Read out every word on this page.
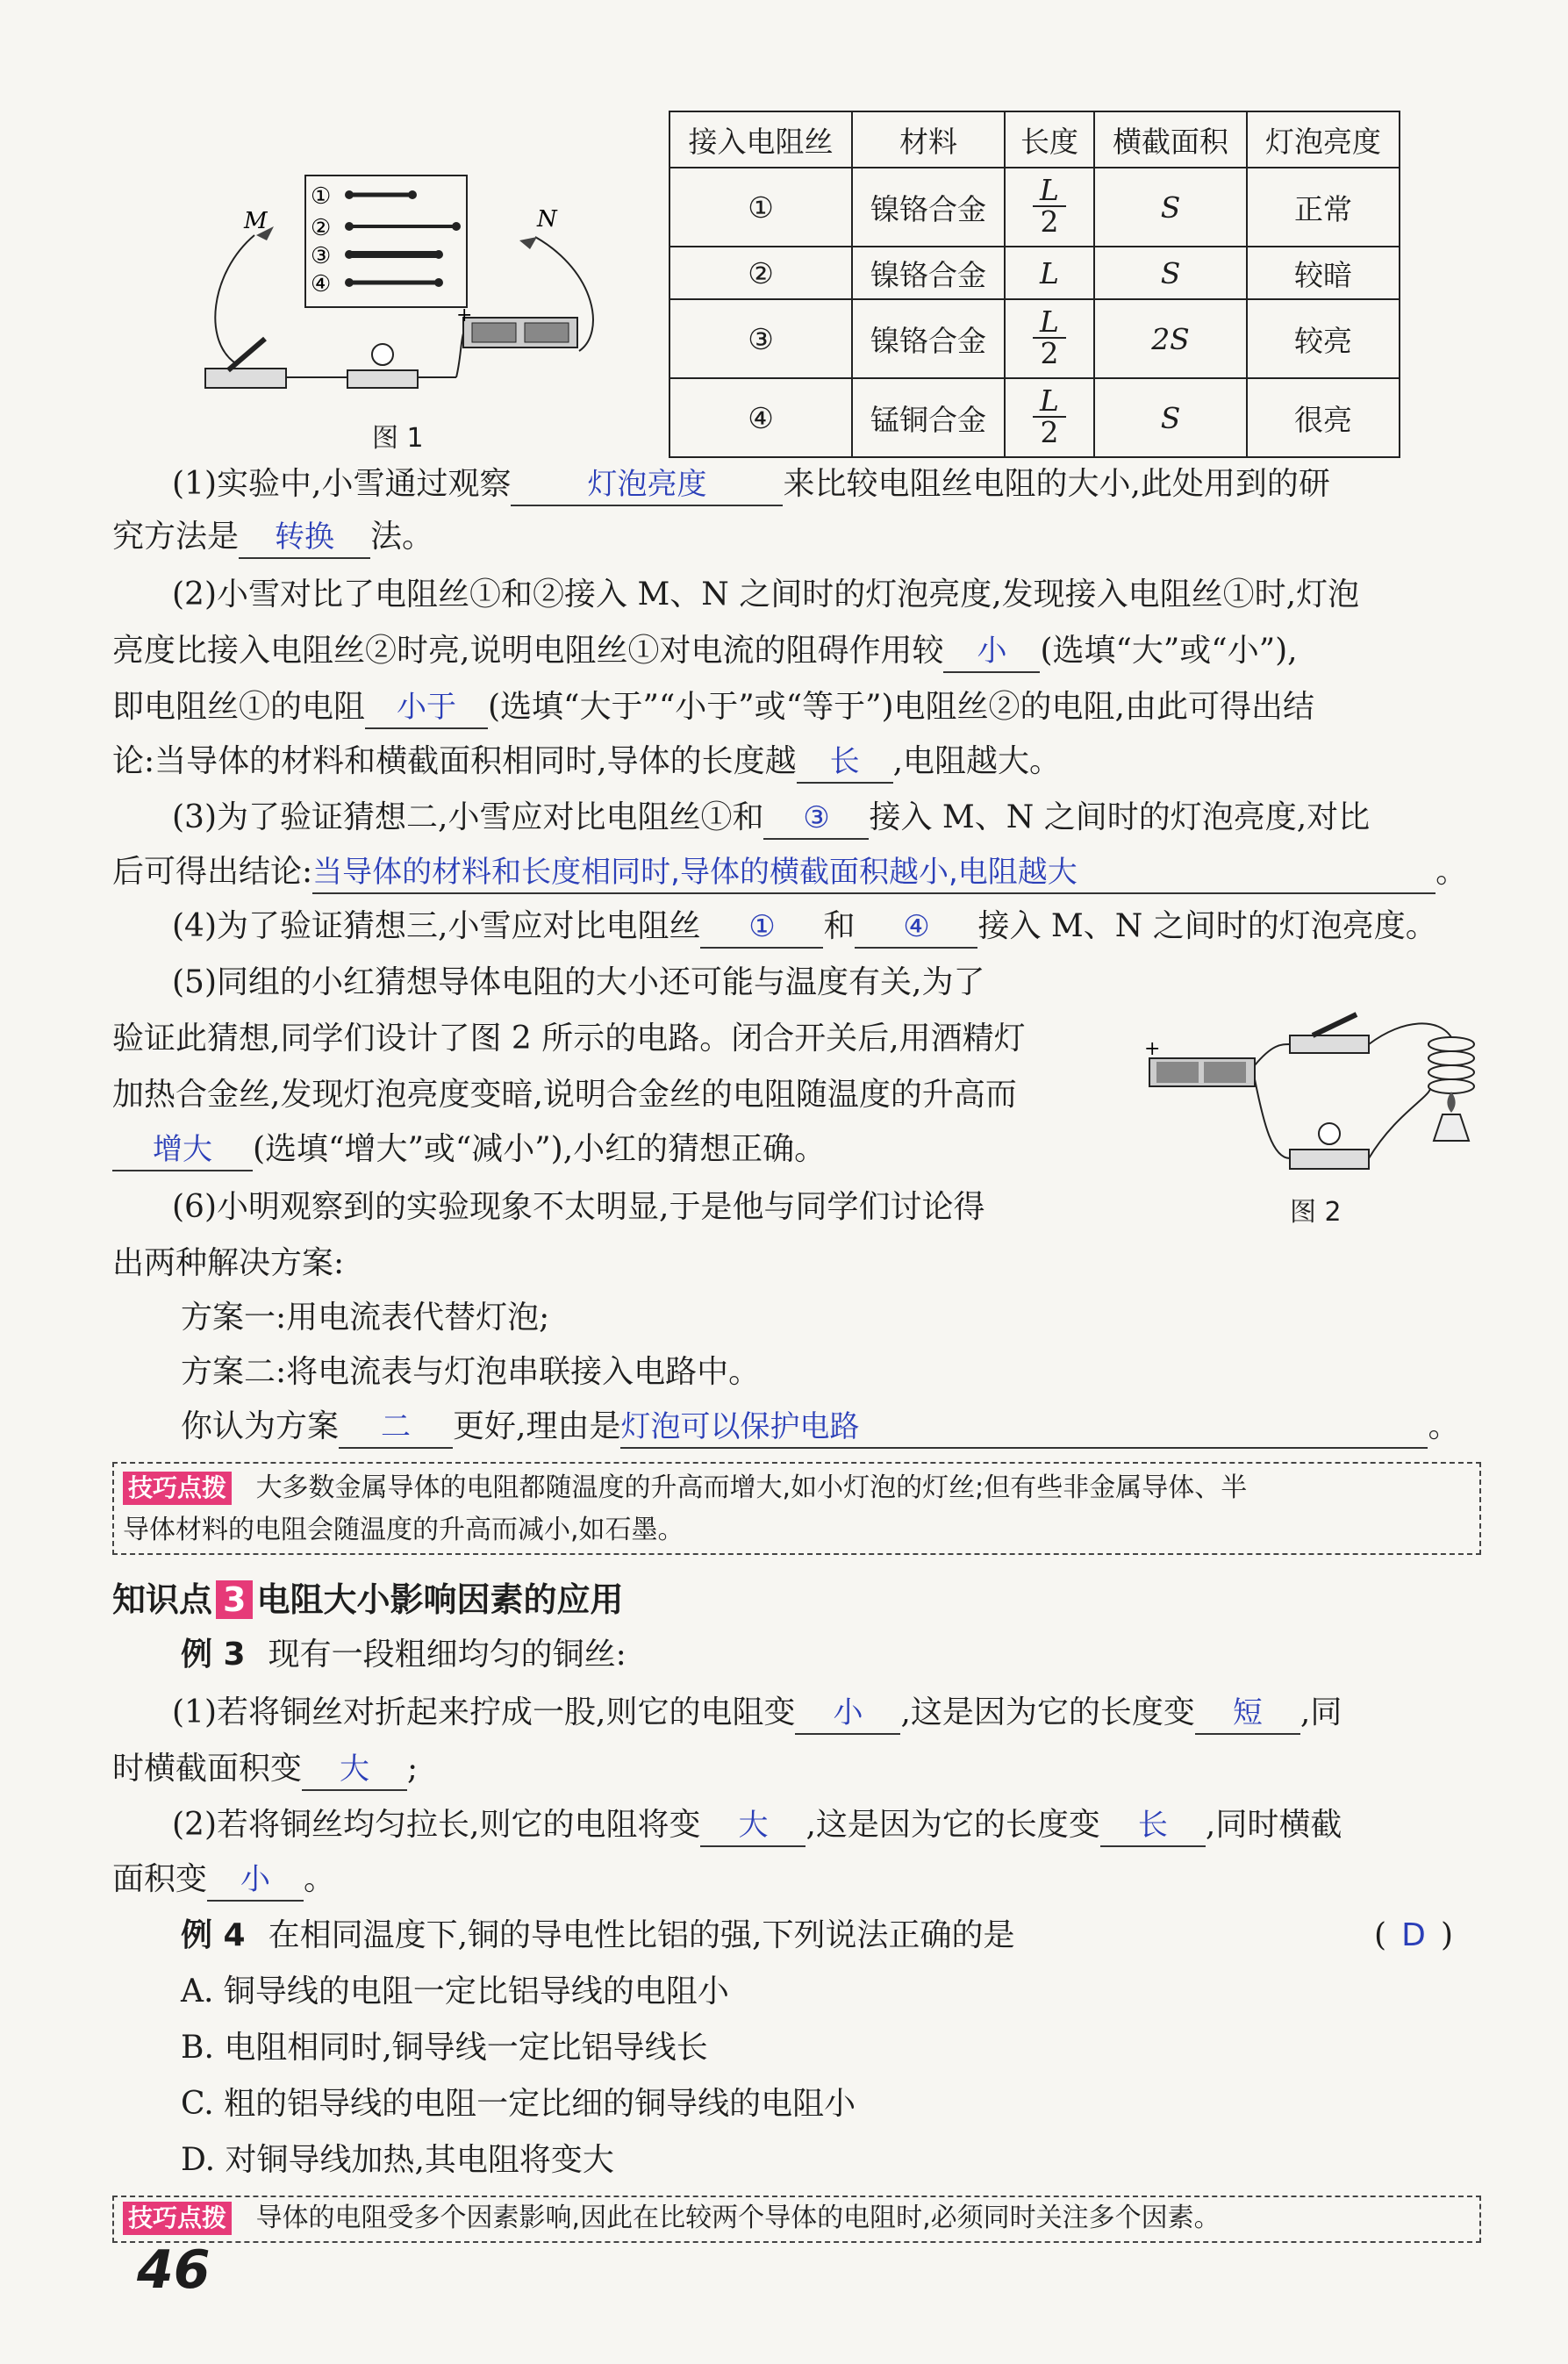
M	N
①
②
③
④
+
图 1
接入电阻丝	材料	长度	横截面积	灯泡亮度
①	镍铬合金	$\frac{L}{2}$	S	正常
②	镍铬合金	L	S	较暗
③	镍铬合金	$\frac{L}{2}$	2S	较亮
④	锰铜合金	$\frac{L}{2}$	S	很亮
(1)实验中,小雪通过观察	灯泡亮度 来比较电阻丝电阻的大小,此处用到的研
究方法是 转换 法。
(2)小雪对比了电阻丝①和②接入 M、N 之间时的灯泡亮度,发现接入电阻丝①时,灯泡
亮度比接入电阻丝②时亮,说明电阻丝①对电流的阻碍作用较 小 (选填“大”或“小”),
即电阻丝①的电阻 小于 (选填“大于”“小于”或“等于”)电阻丝②的电阻,由此可得出结
论:当导体的材料和横截面积相同时,导体的长度越 长 ,电阻越大。
(3)为了验证猜想二,小雪应对比电阻丝①和 ③ 接入 M、N 之间时的灯泡亮度,对比
后可得出结论:当导体的材料和长度相同时,导体的横截面积越小,电阻越大	。
(4)为了验证猜想三,小雪应对比电阻丝 ① 和 ④ 接入 M、N 之间时的灯泡亮度。
(5)同组的小红猜想导体电阻的大小还可能与温度有关,为了
验证此猜想,同学们设计了图 2 所示的电路。闭合开关后,用酒精灯
加热合金丝,发现灯泡亮度变暗,说明合金丝的电阻随温度的升高而
增大 (选填“增大”或“减小”),小红的猜想正确。
+
图 2
(6)小明观察到的实验现象不太明显,于是他与同学们讨论得
出两种解决方案:
方案一:用电流表代替灯泡;
方案二:将电流表与灯泡串联接入电路中。
你认为方案 二 更好,理由是灯泡可以保护电路	。
技巧点拨 大多数金属导体的电阻都随温度的升高而增大,如小灯泡的灯丝;但有些非金属导体、半
导体材料的电阻会随温度的升高而减小,如石墨。
知识点 3 电阻大小影响因素的应用
例 3 现有一段粗细均匀的铜丝:
(1)若将铜丝对折起来拧成一股,则它的电阻变 小 ,这是因为它的长度变 短 ,同
时横截面积变 大 ;
(2)若将铜丝均匀拉长,则它的电阻将变 大 ,这是因为它的长度变 长 ,同时横截
面积变 小 。
例 4 在相同温度下,铜的导电性比铝的强,下列说法正确的是	( D )
A. 铜导线的电阻一定比铝导线的电阻小
B. 电阻相同时,铜导线一定比铝导线长
C. 粗的铝导线的电阻一定比细的铜导线的电阻小
D. 对铜导线加热,其电阻将变大
技巧点拨 导体的电阻受多个因素影响,因此在比较两个导体的电阻时,必须同时关注多个因素。
46
